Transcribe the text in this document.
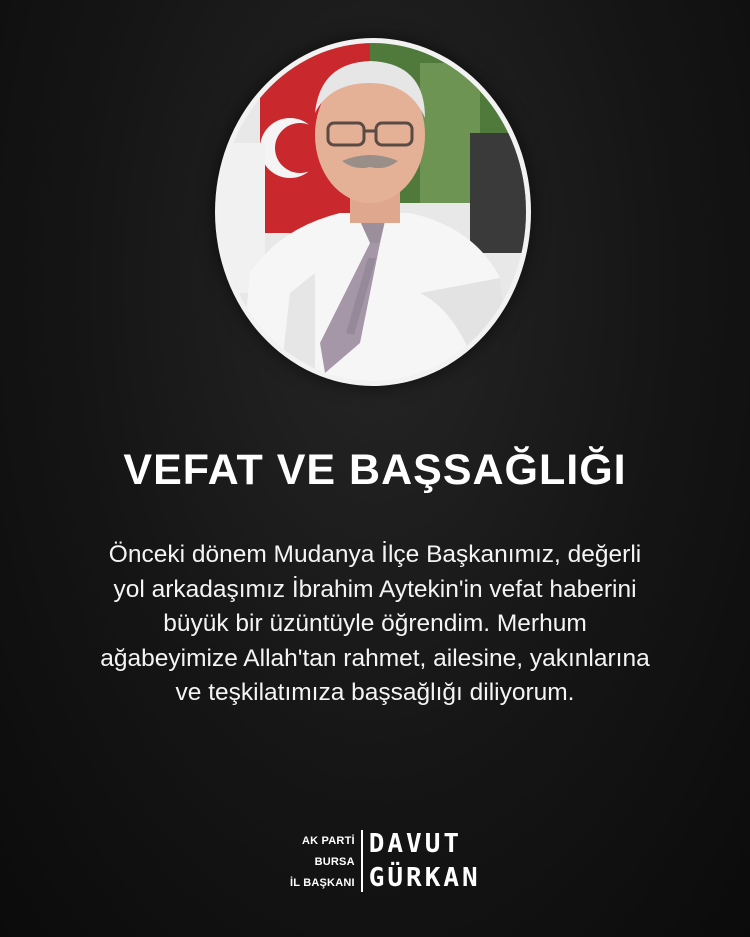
VEFAT VE BAŞSAĞLIĞI

Önceki dönem Mudanya İlçe Başkanımız, değerli

yol arkadaşımız İbrahim Aytekin'in vefat haberini

büyük bir üzüntüyle öğrendim. Merhum

ağabeyimize Allah'tan rahmet, ailesine, yakınlarına

ve teşkilatımıza başsağlığı diliyorum.

AK PARTİ
BURSA
İL BAŞKANI
DAVUT
GÜRKAN
